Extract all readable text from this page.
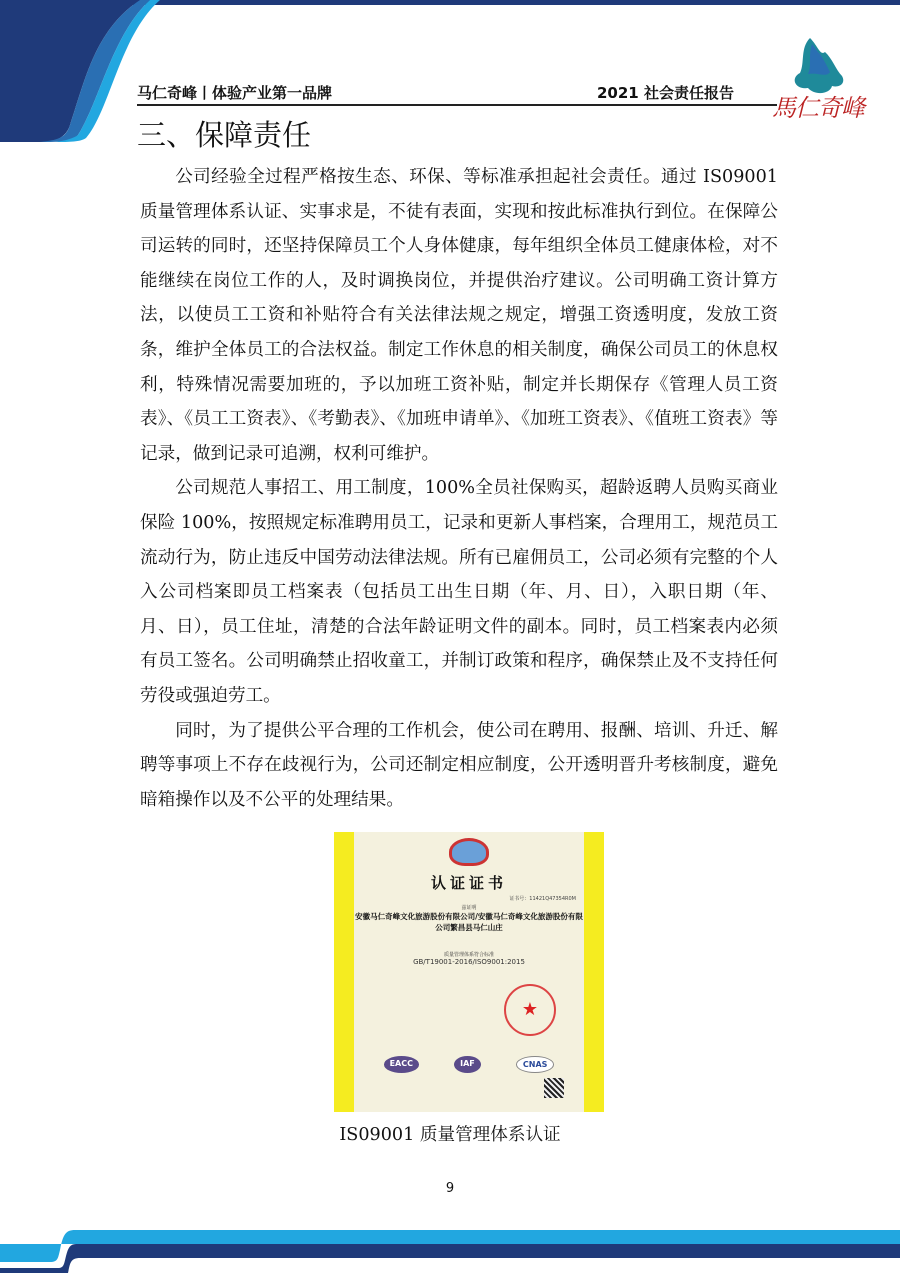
马仁奇峰丨体验产业第一品牌	2021 社会责任报告
馬仁奇峰
三、保障责任

公司经验全过程严格按生态、环保、等标准承担起社会责任。通过 IS09001 质量管理体系认证、实事求是，不徒有表面，实现和按此标准执行到位。在保障公司运转的同时，还坚持保障员工个人身体健康，每年组织全体员工健康体检，对不能继续在岗位工作的人，及时调换岗位，并提供治疗建议。公司明确工资计算方法，以使员工工资和补贴符合有关法律法规之规定，增强工资透明度，发放工资条，维护全体员工的合法权益。制定工作休息的相关制度，确保公司员工的休息权利，特殊情况需要加班的，予以加班工资补贴，制定并长期保存《管理人员工资表》、《员工工资表》、《考勤表》、《加班申请单》、《加班工资表》、《值班工资表》等记录，做到记录可追溯，权利可维护。

公司规范人事招工、用工制度，100%全员社保购买，超龄返聘人员购买商业保险 100%，按照规定标准聘用员工，记录和更新人事档案，合理用工，规范员工流动行为，防止违反中国劳动法律法规。所有已雇佣员工，公司必须有完整的个人入公司档案即员工档案表（包括员工出生日期（年、月、日），入职日期（年、月、日），员工住址，清楚的合法年龄证明文件的副本。同时，员工档案表内必须有员工签名。公司明确禁止招收童工，并制订政策和程序，确保禁止及不支持任何劳役或强迫劳工。

同时，为了提供公平合理的工作机会，使公司在聘用、报酬、培训、升迁、解聘等事项上不存在歧视行为，公司还制定相应制度，公开透明晋升考核制度，避免暗箱操作以及不公平的处理结果。

认证证书
证书号：11421Q47354R0M
兹证明
安徽马仁奇峰文化旅游股份有限公司/安徽马仁奇峰文化旅游股份有限公司繁昌县马仁山庄
质量管理体系符合标准
GB/T19001-2016/ISO9001:2015
★
EACC	IAF	CNAS
IS09001 质量管理体系认证
9
